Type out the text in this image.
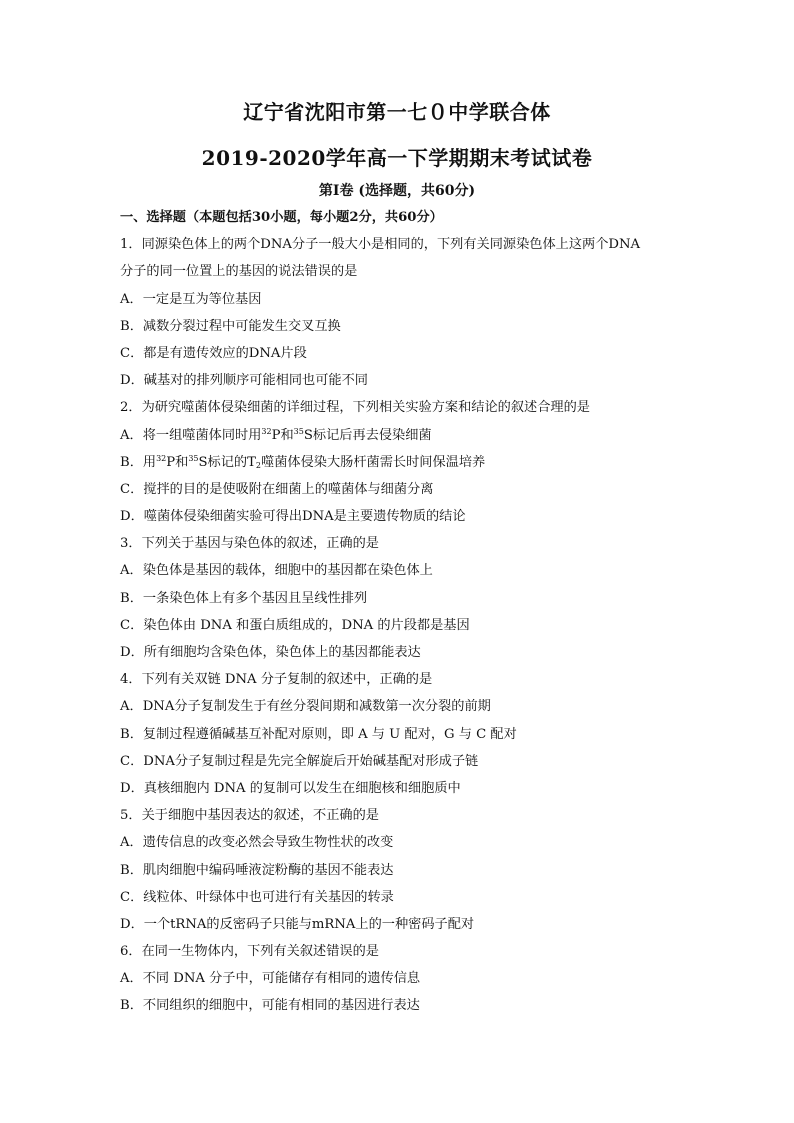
辽宁省沈阳市第一七０中学联合体
2019-2020学年高一下学期期末考试试卷
第Ⅰ卷 (选择题，共60分)
一、选择题（本题包括30小题，每小题2分，共60分）
1．同源染色体上的两个DNA分子一般大小是相同的，下列有关同源染色体上这两个DNA
分子的同一位置上的基因的说法错误的是
A．一定是互为等位基因
B．减数分裂过程中可能发生交叉互换
C．都是有遗传效应的DNA片段
D．碱基对的排列顺序可能相同也可能不同
2．为研究噬菌体侵染细菌的详细过程，下列相关实验方案和结论的叙述合理的是
A．将一组噬菌体同时用$^{32}$P和$^{35}$S标记后再去侵染细菌
B．用$^{32}$P和$^{35}$S标记的$T_2$噬菌体侵染大肠杆菌需长时间保温培养
C．搅拌的目的是使吸附在细菌上的噬菌体与细菌分离
D．噬菌体侵染细菌实验可得出DNA是主要遗传物质的结论
3．下列关于基因与染色体的叙述，正确的是
A．染色体是基因的载体，细胞中的基因都在染色体上
B．一条染色体上有多个基因且呈线性排列
C．染色体由 DNA 和蛋白质组成的，DNA 的片段都是基因
D．所有细胞均含染色体，染色体上的基因都能表达
4．下列有关双链 DNA 分子复制的叙述中，正确的是
A．DNA分子复制发生于有丝分裂间期和减数第一次分裂的前期
B．复制过程遵循碱基互补配对原则，即 A 与 U 配对，G 与 C 配对
C．DNA分子复制过程是先完全解旋后开始碱基配对形成子链
D．真核细胞内 DNA 的复制可以发生在细胞核和细胞质中
5．关于细胞中基因表达的叙述，不正确的是
A．遗传信息的改变必然会导致生物性状的改变
B．肌肉细胞中编码唾液淀粉酶的基因不能表达
C．线粒体、叶绿体中也可进行有关基因的转录
D．一个tRNA的反密码子只能与mRNA上的一种密码子配对
6．在同一生物体内，下列有关叙述错误的是
A．不同 DNA 分子中，可能储存有相同的遗传信息
B．不同组织的细胞中，可能有相同的基因进行表达
